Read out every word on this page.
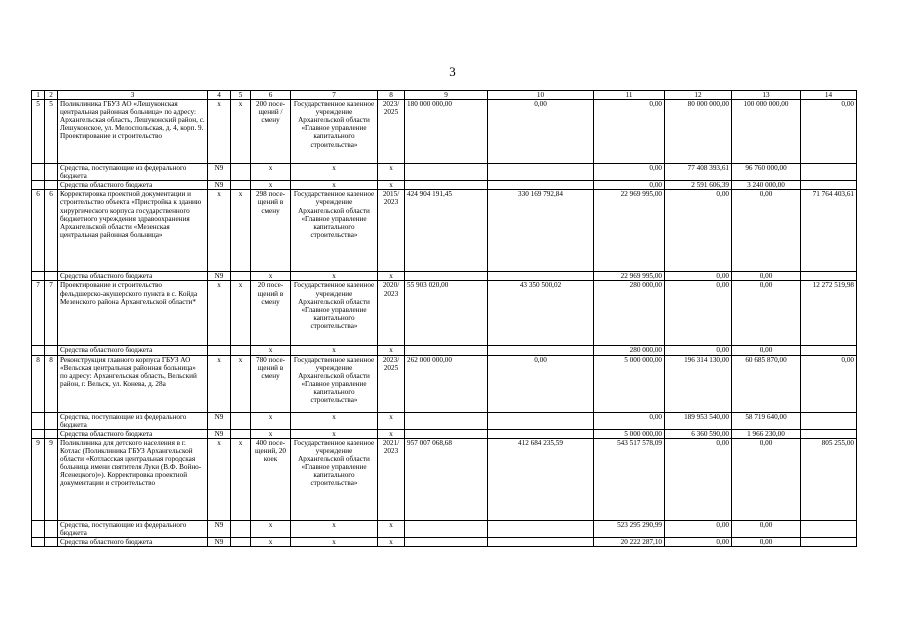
3
1	2	3	4	5	6	7	8	9	10	11	12	13	14
5	5	Поликлиника ГБУЗ АО «Лешуконская центральная районная больница» по адресу: Архангельская область, Лешуконский район, с. Лешуконское, ул. Мелоспольская, д. 4, корп. 9. Проектирование и строительство	х	х	200 посе-щений /смену	Государственное казенное учреждение Архангельской области «Главное управление капитального строительства»	2023/ 2025	180 000 000,00	0,00	0,00	80 000 000,00	100 000 000,00	0,00
		Средства, поступающие из федерального бюджета	N9		х	х	х			0,00	77 408 393,61	96 760 000,00	
		Средства областного бюджета	N9		х	х	х			0,00	2 591 606,39	3 240 000,00	
6	6	Корректировка проектной документации и строительство объекта «Пристройка к зданию хирургического корпуса государственного бюджетного учреждения здравоохранения Архангельской области «Мезенская центральная районная больница»	х	х	298 посе-щений в смену	Государственное казенное учреждение Архангельской области «Главное управление капитального строительства»	2015/ 2023	424 904 191,45	330 169 792,84	22 969 995,00	0,00	0,00	71 764 403,61
		Средства областного бюджета	N9		х	х	х			22 969 995,00	0,00	0,00	
7	7	Проектирование и строительство фельдшерско-акушерского пункта в с. Койда Мезенского района Архангельской области*	х	х	20 посе-щений в смену	Государственное казенное учреждение Архангельской области «Главное управление капитального строительства»	2020/ 2023	55 903 020,00	43 350 500,02	280 000,00	0,00	0,00	12 272 519,98
		Средства областного бюджета			х	х	х			280 000,00	0,00	0,00	
8	8	Реконструкция главного корпуса ГБУЗ АО «Вельская центральная районная больница» по адресу: Архангельская область, Вельский район, г. Вельск, ул. Конева, д. 28а	х	х	780 посе-щений в смену	Государственное казенное учреждение Архангельской области «Главное управление капитального строительства»	2023/ 2025	262 000 000,00	0,00	5 000 000,00	196 314 130,00	60 685 870,00	0,00
		Средства, поступающие из федерального бюджета	N9		х	х	х			0,00	189 953 540,00	58 719 640,00	
		Средства областного бюджета	N9		х	х	х			5 000 000,00	6 360 590,00	1 966 230,00	
9	9	Поликлиника для детского населения в г. Котлас (Поликлиника ГБУЗ Архангельской области «Котласская центральная городская больница имени святителя Луки (В.Ф. Войно-Ясенецкого)»). Корректировка проектной документации и строительство	х	х	400 посе-щений, 20 коек	Государственное казенное учреждение Архангельской области «Главное управление капитального строительства»	2021/ 2023	957 007 068,68	412 684 235,59	543 517 578,09	0,00	0,00	805 255,00
		Средства, поступающие из федерального бюджета	N9		х	х	х			523 295 290,99	0,00	0,00	
		Средства областного бюджета	N9		х	х	х			20 222 287,10	0,00	0,00	
